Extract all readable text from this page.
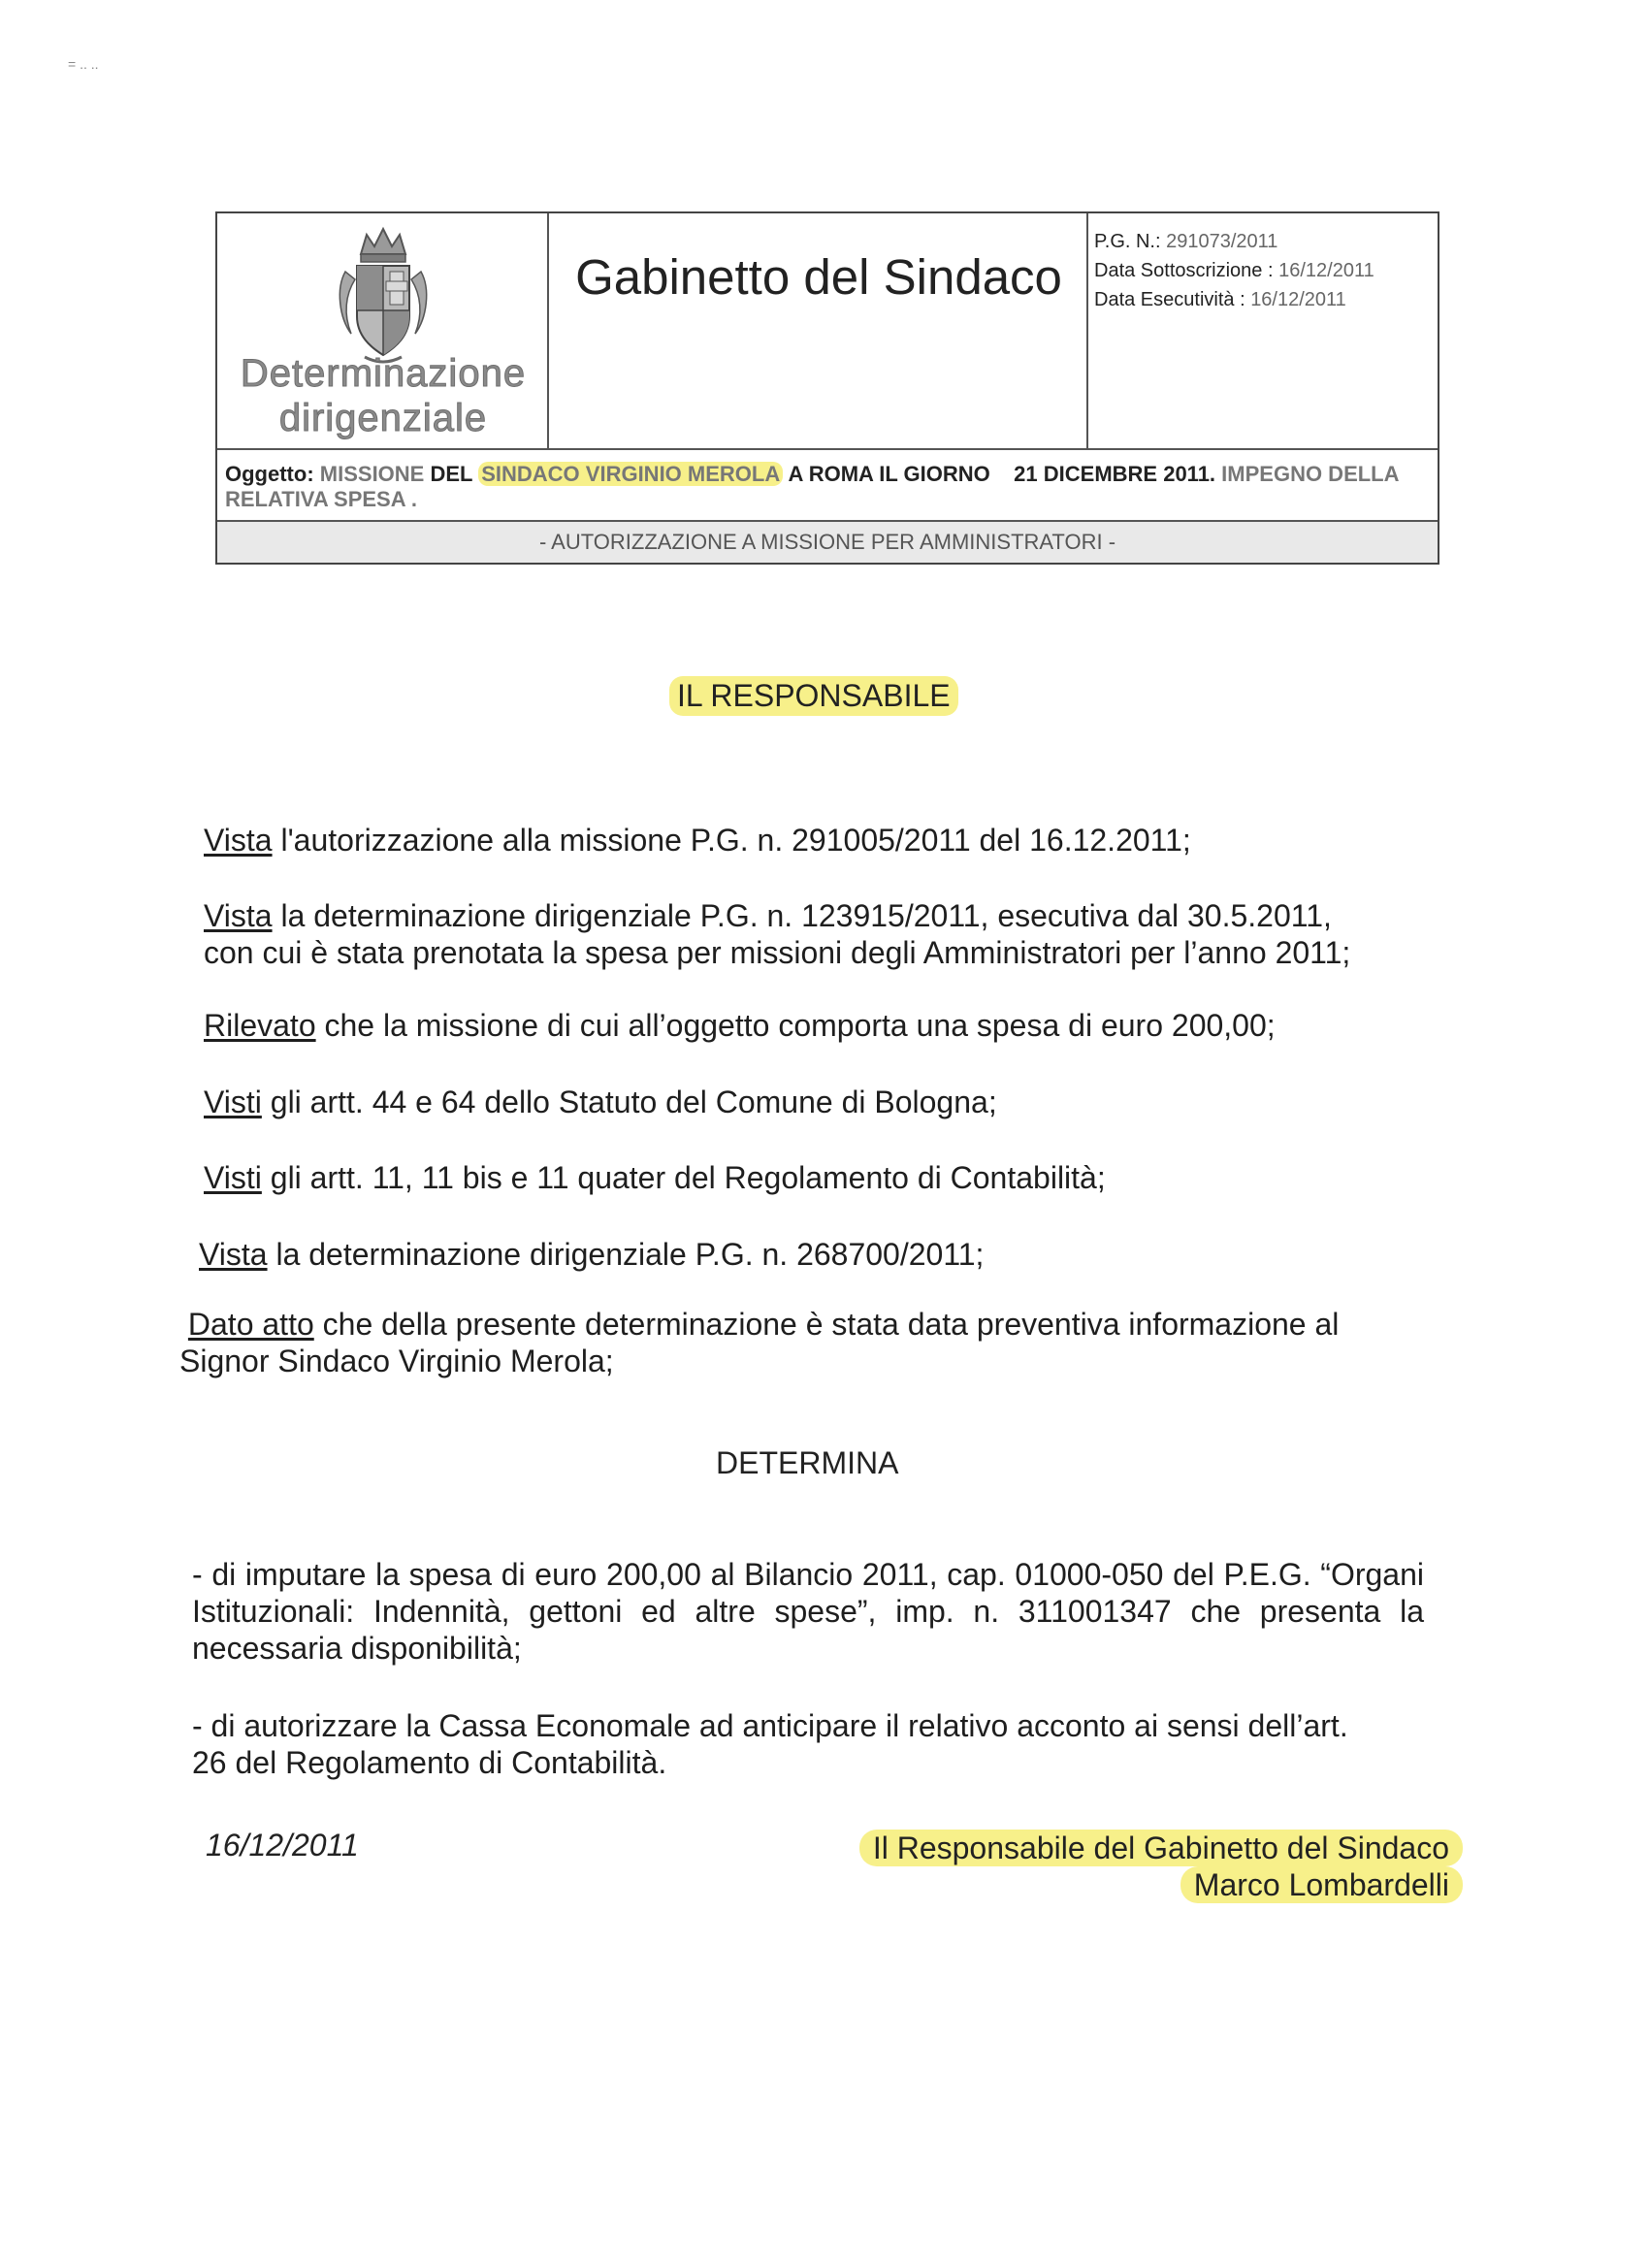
= .. ..
Determinazione
dirigenziale
Gabinetto del Sindaco
P.G. N.: 291073/2011
Data Sottoscrizione : 16/12/2011
Data Esecutività : 16/12/2011
Oggetto: MISSIONE DEL SINDACO VIRGINIO MEROLA A ROMA IL GIORNO 21 DICEMBRE 2011. IMPEGNO DELLA
RELATIVA SPESA .
- AUTORIZZAZIONE A MISSIONE PER AMMINISTRATORI -
IL RESPONSABILE
Vista l'autorizzazione alla missione P.G. n. 291005/2011 del 16.12.2011;
Vista la determinazione dirigenziale P.G. n. 123915/2011, esecutiva dal 30.5.2011,
con cui è stata prenotata la spesa per missioni degli Amministratori per l’anno 2011;
Rilevato che la missione di cui all’oggetto comporta una spesa di euro 200,00;
Visti gli artt. 44 e 64 dello Statuto del Comune di Bologna;
Visti gli artt. 11, 11 bis e 11 quater del Regolamento di Contabilità;
Vista la determinazione dirigenziale P.G. n. 268700/2011;
Dato atto che della presente determinazione è stata data preventiva informazione al
Signor Sindaco Virginio Merola;
DETERMINA
- di imputare la spesa di euro 200,00 al Bilancio 2011, cap. 01000-050 del P.E.G. “Organi Istituzionali: Indennità, gettoni ed altre spese”, imp. n. 311001347 che presenta la necessaria disponibilità;
- di autorizzare la Cassa Economale ad anticipare il relativo acconto ai sensi dell’art.
26 del Regolamento di Contabilità.
16/12/2011	Il Responsabile del Gabinetto del Sindaco
Marco Lombardelli
